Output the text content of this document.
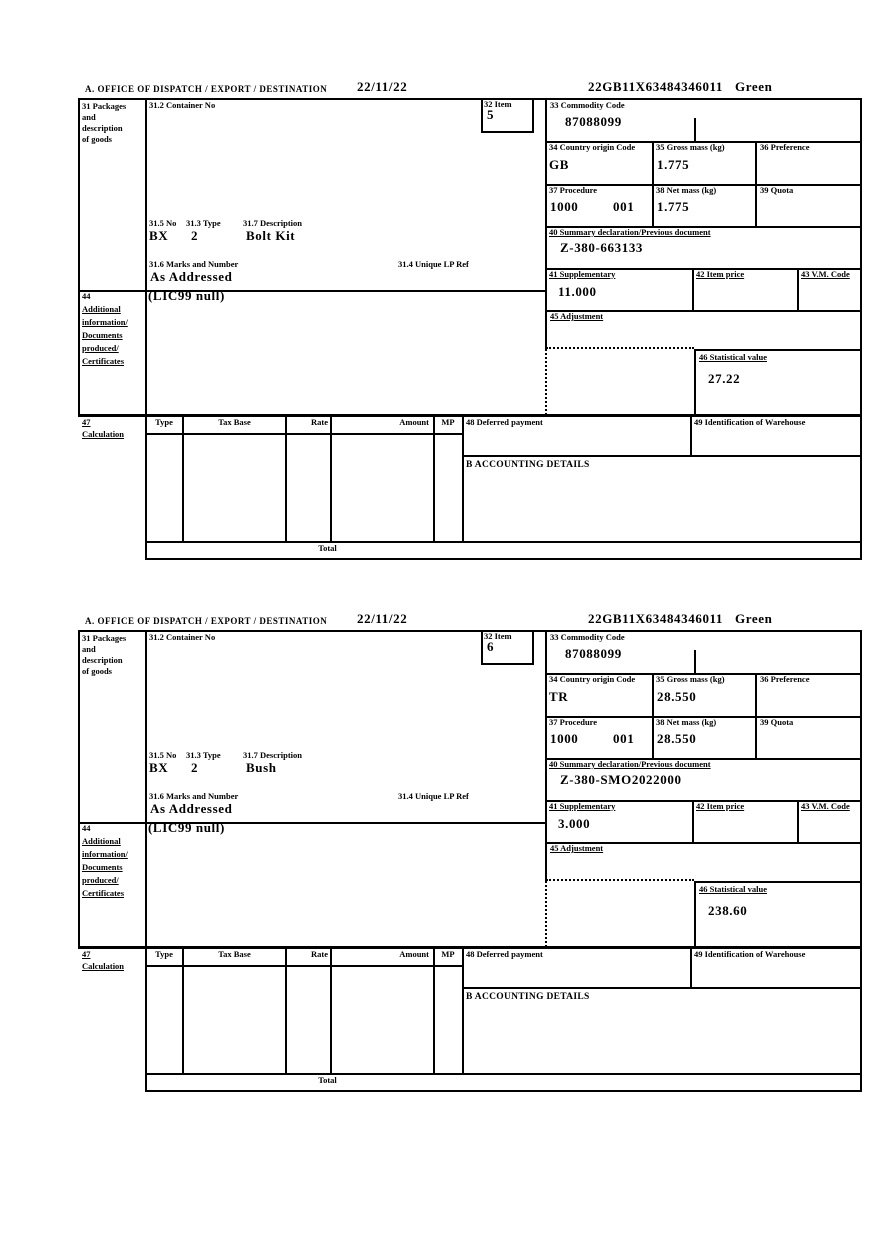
A. OFFICE OF DISPATCH / EXPORT / DESTINATION 22/11/22	22GB11X63484346011 Green
31 Packages
and
description
of goods
31.2 Container No	32 Item
5
33 Commodity Code
87088099
34 Country origin Code
GB
35 Gross mass (kg)
1.775
36 Preference
37 Procedure
1000	001
38 Net mass (kg)
1.775
39 Quota
40 Summary declaration/Previous document
Z-380-663133
41 Supplementary
11.000
42 Item price	43 V.M. Code
31.5 No 31.3 Type	31.7 Description
BX 2	Bolt Kit
31.6 Marks and Number	31.4 Unique LP Ref
As Addressed
44
Additional
information/
Documents
produced/
Certificates
(LIC99 null)
45 Adjustment
46 Statistical value
27.22
47
Calculation
Type	Tax Base	Rate	Amount	MP	48 Deferred payment	49 Identification of Warehouse
B ACCOUNTING DETAILS
Total
A. OFFICE OF DISPATCH / EXPORT / DESTINATION 22/11/22	22GB11X63484346011 Green
31 Packages
and
description
of goods
31.2 Container No	32 Item
6
33 Commodity Code
87088099
34 Country origin Code
TR
35 Gross mass (kg)
28.550
36 Preference
37 Procedure
1000	001
38 Net mass (kg)
28.550
39 Quota
40 Summary declaration/Previous document
Z-380-SMO2022000
41 Supplementary
3.000
42 Item price	43 V.M. Code
31.5 No 31.3 Type	31.7 Description
BX 2	Bush
31.6 Marks and Number	31.4 Unique LP Ref
As Addressed
44
Additional
information/
Documents
produced/
Certificates
(LIC99 null)
45 Adjustment
46 Statistical value
238.60
47
Calculation
Type	Tax Base	Rate	Amount	MP	48 Deferred payment	49 Identification of Warehouse
B ACCOUNTING DETAILS
Total
